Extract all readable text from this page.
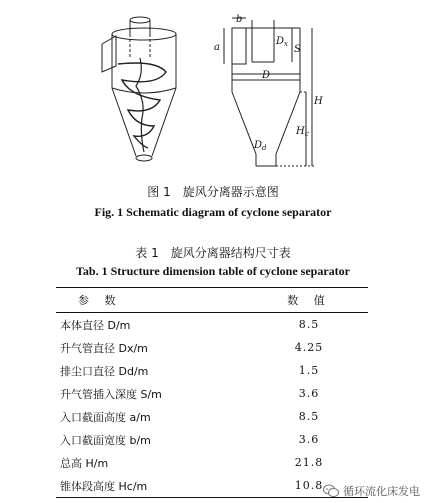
b
a
$D_x$ S
D
H
$H_c$
$D_d$
图 1　旋风分离器示意图
Fig. 1 Schematic diagram of cyclone separator
表 1　旋风分离器结构尺寸表
Tab. 1 Structure dimension table of cyclone separator
参 数	数 值
本体直径 D/m	8.5
升气管直径 Dx/m	4.25
排尘口直径 Dd/m	1.5
升气管插入深度 S/m	3.6
入口截面高度 a/m	8.5
入口截面宽度 b/m	3.6
总高 H/m	21.8
锥体段高度 Hc/m	10.8 循环流化床发电
